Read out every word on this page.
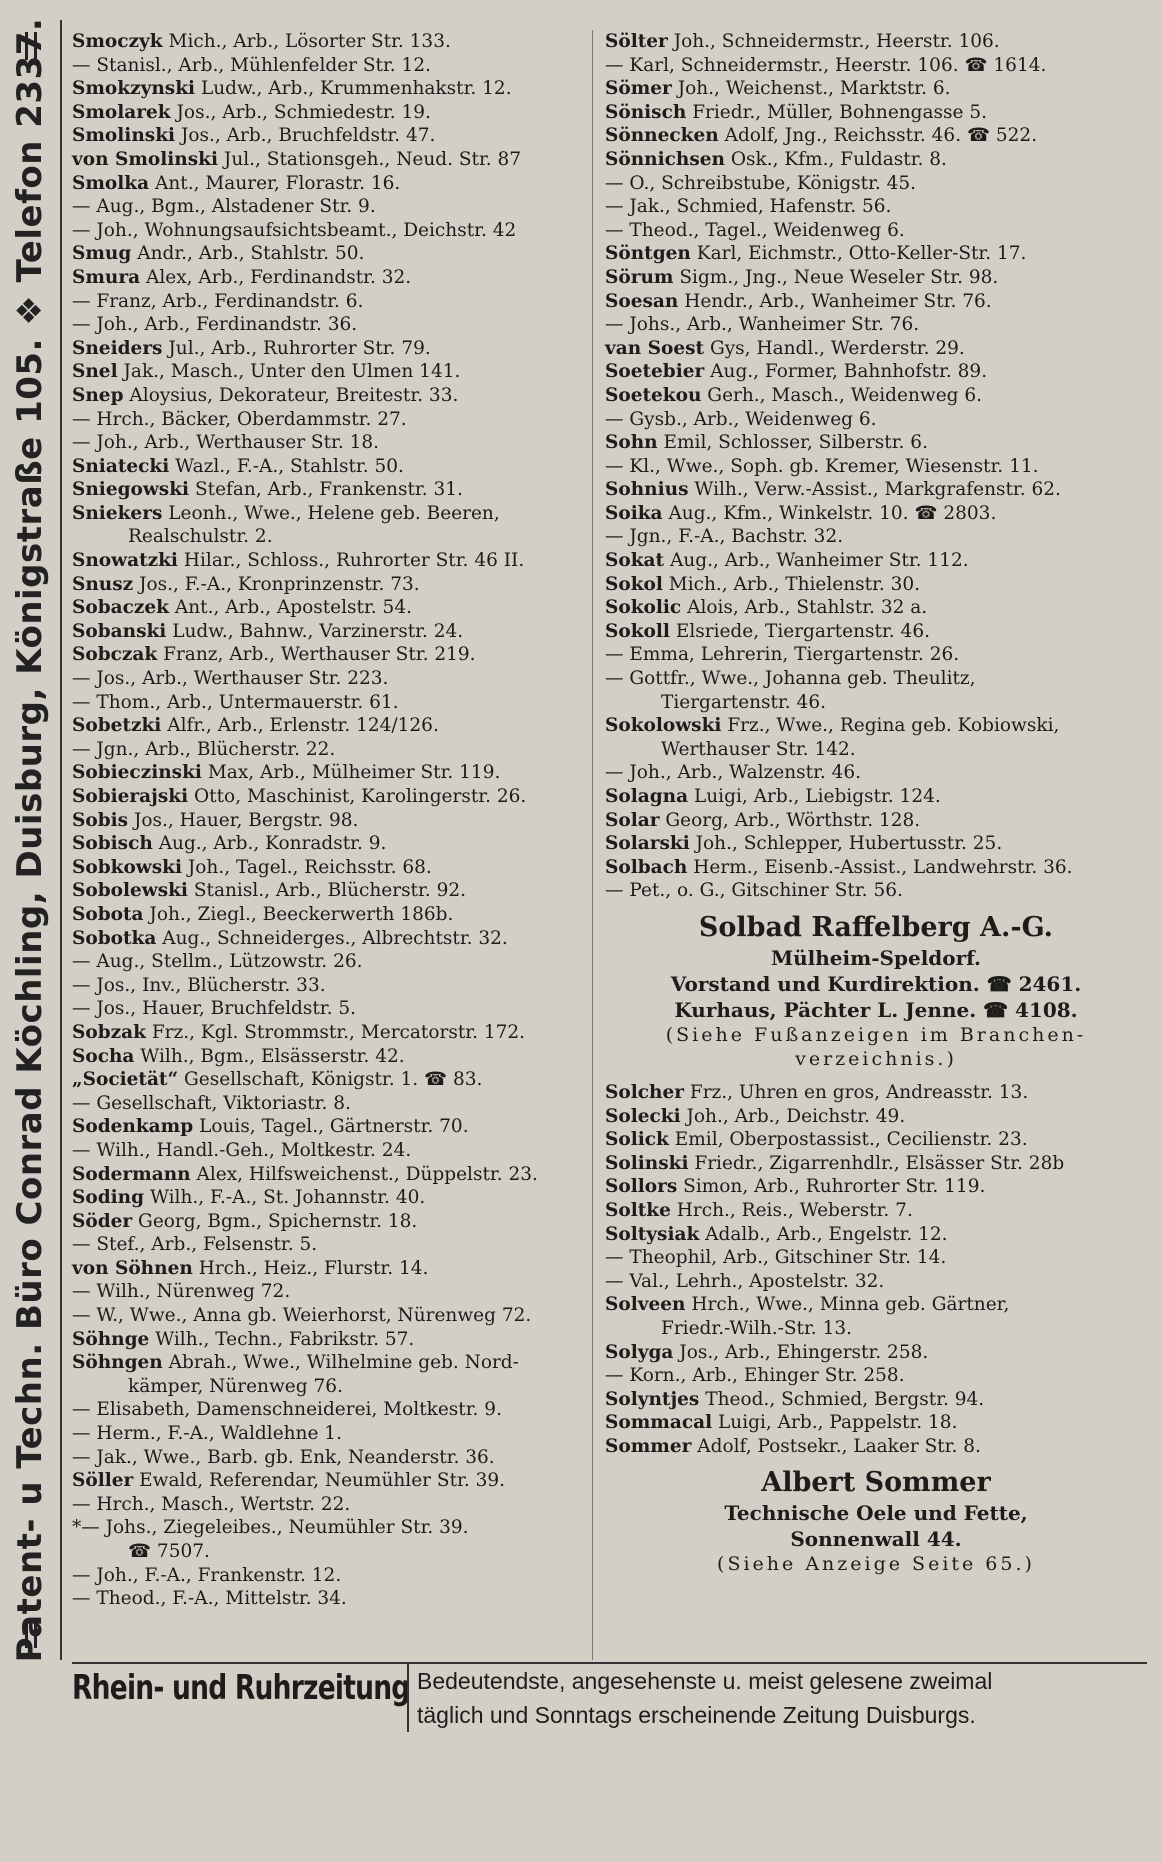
Patent- u Techn. Büro Conrad Köchling, Duisburg, Königstraße 105. ❖ Telefon 2337. Smoczyk Mich., Arb., Lösorter Str. 133.
— Stanisl., Arb., Mühlenfelder Str. 12.
Smokzynski Ludw., Arb., Krummenhakstr. 12.
Smolarek Jos., Arb., Schmiedestr. 19.
Smolinski Jos., Arb., Bruchfeldstr. 47.
von Smolinski Jul., Stationsgeh., Neud. Str. 87
Smolka Ant., Maurer, Florastr. 16.
— Aug., Bgm., Alstadener Str. 9.
— Joh., Wohnungsaufsichtsbeamt., Deichstr. 42
Smug Andr., Arb., Stahlstr. 50.
Smura Alex, Arb., Ferdinandstr. 32.
— Franz, Arb., Ferdinandstr. 6.
— Joh., Arb., Ferdinandstr. 36.
Sneiders Jul., Arb., Ruhrorter Str. 79.
Snel Jak., Masch., Unter den Ulmen 141.
Snep Aloysius, Dekorateur, Breitestr. 33.
— Hrch., Bäcker, Oberdammstr. 27.
— Joh., Arb., Werthauser Str. 18.
Sniatecki Wazl., F.-A., Stahlstr. 50.
Sniegowski Stefan, Arb., Frankenstr. 31.
Sniekers Leonh., Wwe., Helene geb. Beeren,
Realschulstr. 2.
Snowatzki Hilar., Schloss., Ruhrorter Str. 46 II.
Snusz Jos., F.-A., Kronprinzenstr. 73.
Sobaczek Ant., Arb., Apostelstr. 54.
Sobanski Ludw., Bahnw., Varzinerstr. 24.
Sobczak Franz, Arb., Werthauser Str. 219.
— Jos., Arb., Werthauser Str. 223.
— Thom., Arb., Untermauerstr. 61.
Sobetzki Alfr., Arb., Erlenstr. 124/126.
— Jgn., Arb., Blücherstr. 22.
Sobieczinski Max, Arb., Mülheimer Str. 119.
Sobierajski Otto, Maschinist, Karolingerstr. 26.
Sobis Jos., Hauer, Bergstr. 98.
Sobisch Aug., Arb., Konradstr. 9.
Sobkowski Joh., Tagel., Reichsstr. 68.
Sobolewski Stanisl., Arb., Blücherstr. 92.
Sobota Joh., Ziegl., Beeckerwerth 186b.
Sobotka Aug., Schneiderges., Albrechtstr. 32.
— Aug., Stellm., Lützowstr. 26.
— Jos., Inv., Blücherstr. 33.
— Jos., Hauer, Bruchfeldstr. 5.
Sobzak Frz., Kgl. Strommstr., Mercatorstr. 172.
Socha Wilh., Bgm., Elsässerstr. 42.
„Societät“ Gesellschaft, Königstr. 1. ☎ 83.
— Gesellschaft, Viktoriastr. 8.
Sodenkamp Louis, Tagel., Gärtnerstr. 70.
— Wilh., Handl.-Geh., Moltkestr. 24.
Sodermann Alex, Hilfsweichenst., Düppelstr. 23.
Soding Wilh., F.-A., St. Johannstr. 40.
Söder Georg, Bgm., Spichernstr. 18.
— Stef., Arb., Felsenstr. 5.
von Söhnen Hrch., Heiz., Flurstr. 14.
— Wilh., Nürenweg 72.
— W., Wwe., Anna gb. Weierhorst, Nürenweg 72.
Söhnge Wilh., Techn., Fabrikstr. 57.
Söhngen Abrah., Wwe., Wilhelmine geb. Nord-
kämper, Nürenweg 76.
— Elisabeth, Damenschneiderei, Moltkestr. 9.
— Herm., F.-A., Waldlehne 1.
— Jak., Wwe., Barb. gb. Enk, Neanderstr. 36.
Söller Ewald, Referendar, Neumühler Str. 39.
— Hrch., Masch., Wertstr. 22.
*— Johs., Ziegeleibes., Neumühler Str. 39.
☎ 7507.
— Joh., F.-A., Frankenstr. 12.
— Theod., F.-A., Mittelstr. 34.
Sölter Joh., Schneidermstr., Heerstr. 106.
— Karl, Schneidermstr., Heerstr. 106. ☎ 1614.
Sömer Joh., Weichenst., Marktstr. 6.
Sönisch Friedr., Müller, Bohnengasse 5.
Sönnecken Adolf, Jng., Reichsstr. 46. ☎ 522.
Sönnichsen Osk., Kfm., Fuldastr. 8.
— O., Schreibstube, Königstr. 45.
— Jak., Schmied, Hafenstr. 56.
— Theod., Tagel., Weidenweg 6.
Söntgen Karl, Eichmstr., Otto-Keller-Str. 17.
Sörum Sigm., Jng., Neue Weseler Str. 98.
Soesan Hendr., Arb., Wanheimer Str. 76.
— Johs., Arb., Wanheimer Str. 76.
van Soest Gys, Handl., Werderstr. 29.
Soetebier Aug., Former, Bahnhofstr. 89.
Soetekou Gerh., Masch., Weidenweg 6.
— Gysb., Arb., Weidenweg 6.
Sohn Emil, Schlosser, Silberstr. 6.
— Kl., Wwe., Soph. gb. Kremer, Wiesenstr. 11.
Sohnius Wilh., Verw.-Assist., Markgrafenstr. 62.
Soika Aug., Kfm., Winkelstr. 10. ☎ 2803.
— Jgn., F.-A., Bachstr. 32.
Sokat Aug., Arb., Wanheimer Str. 112.
Sokol Mich., Arb., Thielenstr. 30.
Sokolic Alois, Arb., Stahlstr. 32 a.
Sokoll Elsriede, Tiergartenstr. 46.
— Emma, Lehrerin, Tiergartenstr. 26.
— Gottfr., Wwe., Johanna geb. Theulitz,
Tiergartenstr. 46.
Sokolowski Frz., Wwe., Regina geb. Kobiowski,
Werthauser Str. 142.
— Joh., Arb., Walzenstr. 46.
Solagna Luigi, Arb., Liebigstr. 124.
Solar Georg, Arb., Wörthstr. 128.
Solarski Joh., Schlepper, Hubertusstr. 25.
Solbach Herm., Eisenb.-Assist., Landwehrstr. 36.
— Pet., o. G., Gitschiner Str. 56.
Solbad Raffelberg A.-G.
Mülheim-Speldorf.
Vorstand und Kurdirektion. ☎ 2461.
Kurhaus, Pächter L. Jenne. ☎ 4108.
(Siehe Fußanzeigen im Branchen-
verzeichnis.)
Solcher Frz., Uhren en gros, Andreasstr. 13.
Solecki Joh., Arb., Deichstr. 49.
Solick Emil, Oberpostassist., Cecilienstr. 23.
Solinski Friedr., Zigarrenhdlr., Elsässer Str. 28b
Sollors Simon, Arb., Ruhrorter Str. 119.
Soltke Hrch., Reis., Weberstr. 7.
Soltysiak Adalb., Arb., Engelstr. 12.
— Theophil, Arb., Gitschiner Str. 14.
— Val., Lehrh., Apostelstr. 32.
Solveen Hrch., Wwe., Minna geb. Gärtner,
Friedr.-Wilh.-Str. 13.
Solyga Jos., Arb., Ehingerstr. 258.
— Korn., Arb., Ehinger Str. 258.
Solyntjes Theod., Schmied, Bergstr. 94.
Sommacal Luigi, Arb., Pappelstr. 18.
Sommer Adolf, Postsekr., Laaker Str. 8.
Albert Sommer
Technische Oele und Fette,
Sonnenwall 44.
(Siehe Anzeige Seite 65.)
Rhein- und Ruhrzeitung Bedeutendste, angesehenste u. meist gelesene zweimal
täglich und Sonntags erscheinende Zeitung Duisburgs.
